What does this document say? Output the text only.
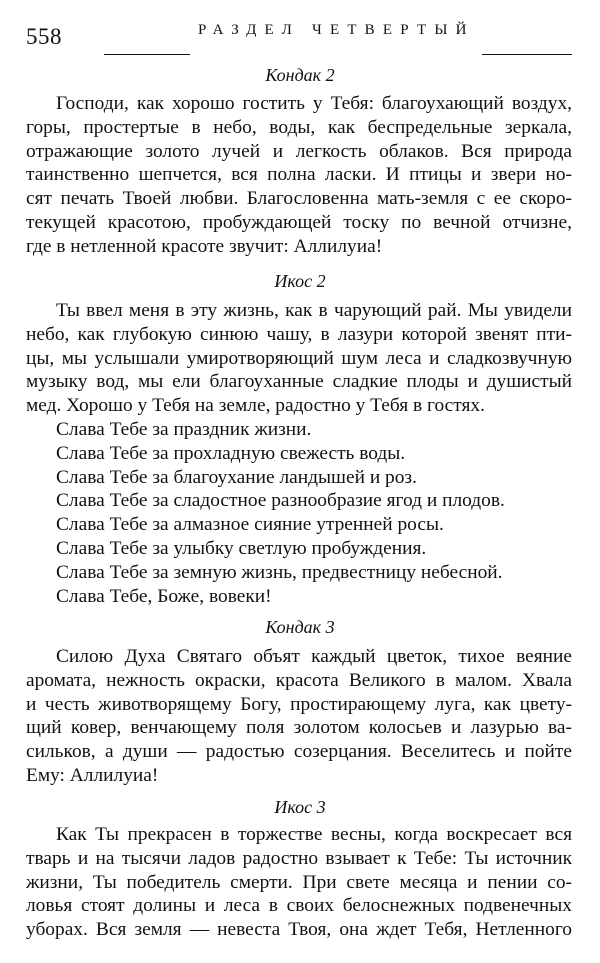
558	РАЗДЕЛ ЧЕТВЕРТЫЙ
Кондак 2
Господи, как хорошо гостить у Тебя: благоухающий воздух,
горы, простертые в небо, воды, как беспредельные зеркала,
отражающие золото лучей и легкость облаков. Вся природа
таинственно шепчется, вся полна ласки. И птицы и звери но-
сят печать Твоей любви. Благословенна мать-земля с ее скоро-
текущей красотою, пробуждающей тоску по вечной отчизне,
где в нетленной красоте звучит: Аллилуиа!
Икос 2
Ты ввел меня в эту жизнь, как в чарующий рай. Мы увидели
небо, как глубокую синюю чашу, в лазури которой звенят пти-
цы, мы услышали умиротворяющий шум леса и сладкозвучную
музыку вод, мы ели благоуханные сладкие плоды и душистый
мед. Хорошо у Тебя на земле, радостно у Тебя в гостях.
Слава Тебе за праздник жизни.
Слава Тебе за прохладную свежесть воды.
Слава Тебе за благоухание ландышей и роз.
Слава Тебе за сладостное разнообразие ягод и плодов.
Слава Тебе за алмазное сияние утренней росы.
Слава Тебе за улыбку светлую пробуждения.
Слава Тебе за земную жизнь, предвестницу небесной.
Слава Тебе, Боже, вовеки!
Кондак 3
Силою Духа Святаго объят каждый цветок, тихое веяние
аромата, нежность окраски, красота Великого в малом. Хвала
и честь животворящему Богу, простирающему луга, как цвету-
щий ковер, венчающему поля золотом колосьев и лазурью ва-
сильков, а души — радостью созерцания. Веселитесь и пойте
Ему: Аллилуиа!
Икос 3
Как Ты прекрасен в торжестве весны, когда воскресает вся
тварь и на тысячи ладов радостно взывает к Тебе: Ты источник
жизни, Ты победитель смерти. При свете месяца и пении со-
ловья стоят долины и леса в своих белоснежных подвенечных
уборах. Вся земля — невеста Твоя, она ждет Тебя, Нетленного
